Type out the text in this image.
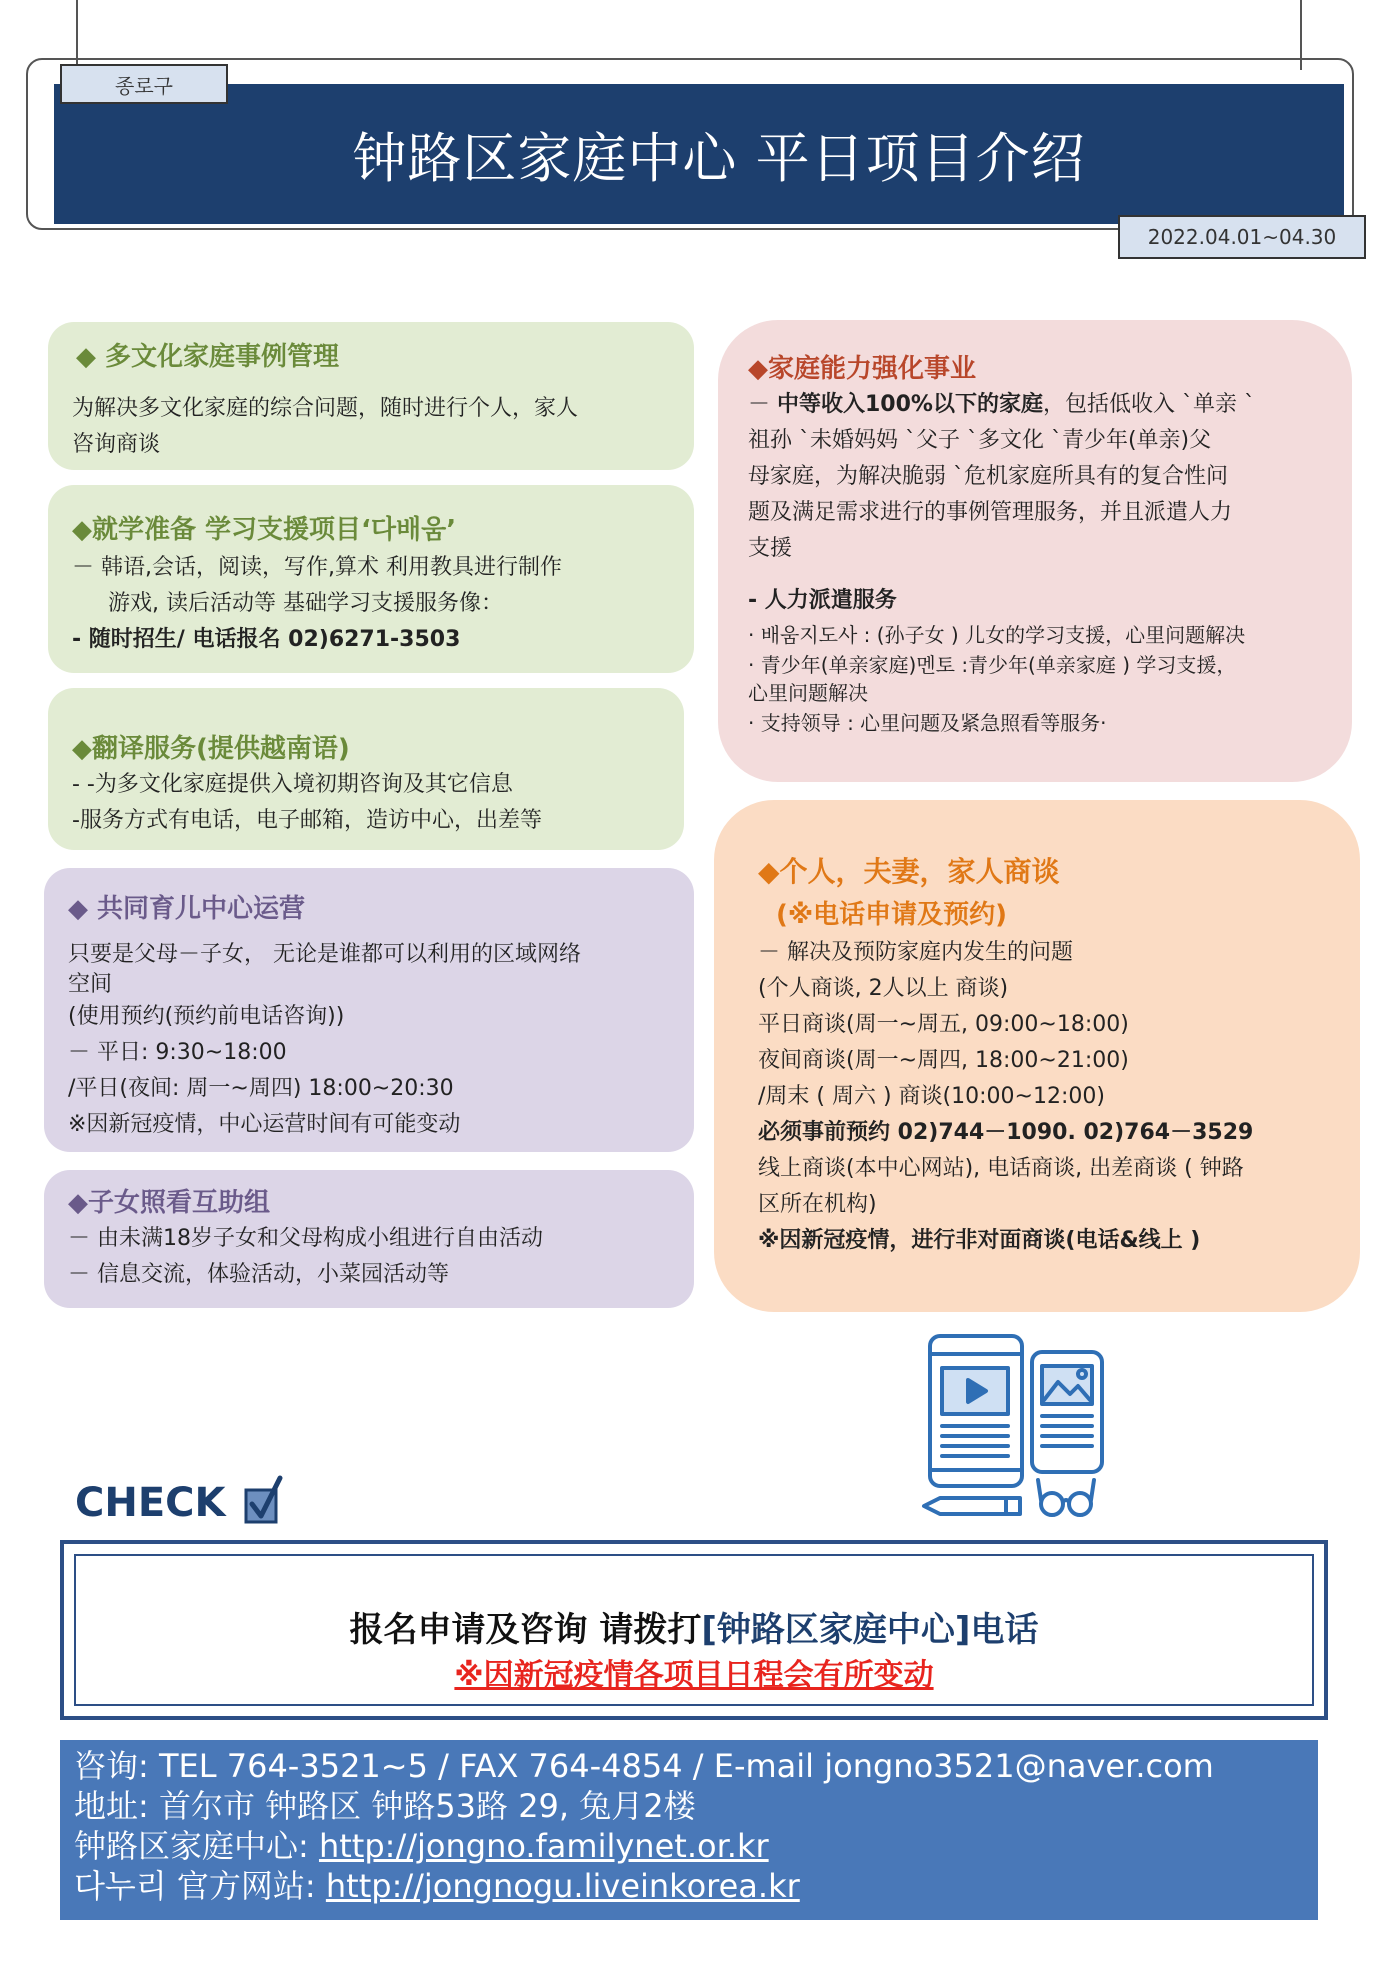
종로구
钟路区家庭中心 平日项目介绍
2022.04.01~04.30
◆ 多文化家庭事例管理
为解决多文化家庭的综合问题，随时进行个人，家人
咨询商谈
◆就学准备 学习支援项目‘다배움’
－ 韩语,会话，阅读，写作,算术 利用教具进行制作
游戏, 读后活动等 基础学习支援服务像：
- 随时招生/ 电话报名 02)6271-3503
◆翻译服务(提供越南语)
- -为多文化家庭提供入境初期咨询及其它信息
-服务方式有电话，电子邮箱，造访中心，出差等
◆ 共同育儿中心运营
只要是父母－子女， 无论是谁都可以利用的区域网络
空间
(使用预约(预约前电话咨询))
－ 平日: 9:30~18:00
/平日(夜间: 周一~周四) 18:00~20:30
※因新冠疫情，中心运营时间有可能变动
◆子女照看互助组
－ 由未满18岁子女和父母构成小组进行自由活动
－ 信息交流，体验活动，小菜园活动等
◆家庭能力强化事业
－ 中等收入100%以下的家庭，包括低收入 `单亲 `
祖孙 `未婚妈妈 `父子 `多文化 `青少年(单亲)父
母家庭，为解决脆弱 `危机家庭所具有的复合性问
题及满足需求进行的事例管理服务，并且派遣人力
支援
- 人力派遣服务
· 배움지도사 : (孙子女 ) 儿女的学习支援，心里问题解决
· 青少年(单亲家庭)멘토 :青少年(单亲家庭 ) 学习支援，
心里问题解决
· 支持领导 : 心里问题及紧急照看等服务·
◆个人，夫妻，家人商谈
(※电话申请及预约)
－ 解决及预防家庭内发生的问题
(个人商谈, 2人以上 商谈)
平日商谈(周一~周五, 09:00~18:00)
夜间商谈(周一~周四, 18:00~21:00)
/周末 ( 周六 ) 商谈(10:00~12:00)
必须事前预约 02)744－1090. 02)764－3529
线上商谈(本中心网站), 电话商谈, 出差商谈 ( 钟路
区所在机构)
※因新冠疫情，进行非对面商谈(电话&线上 )
CHECK
报名申请及咨询 请拨打[钟路区家庭中心]电话
※因新冠疫情各项目日程会有所变动
咨询: TEL 764-3521~5 / FAX 764-4854 / E-mail jongno3521@naver.com
地址: 首尔市 钟路区 钟路53路 29, 兔月2楼
钟路区家庭中心: http://jongno.familynet.or.kr
다누리 官方网站: http://jongnogu.liveinkorea.kr
